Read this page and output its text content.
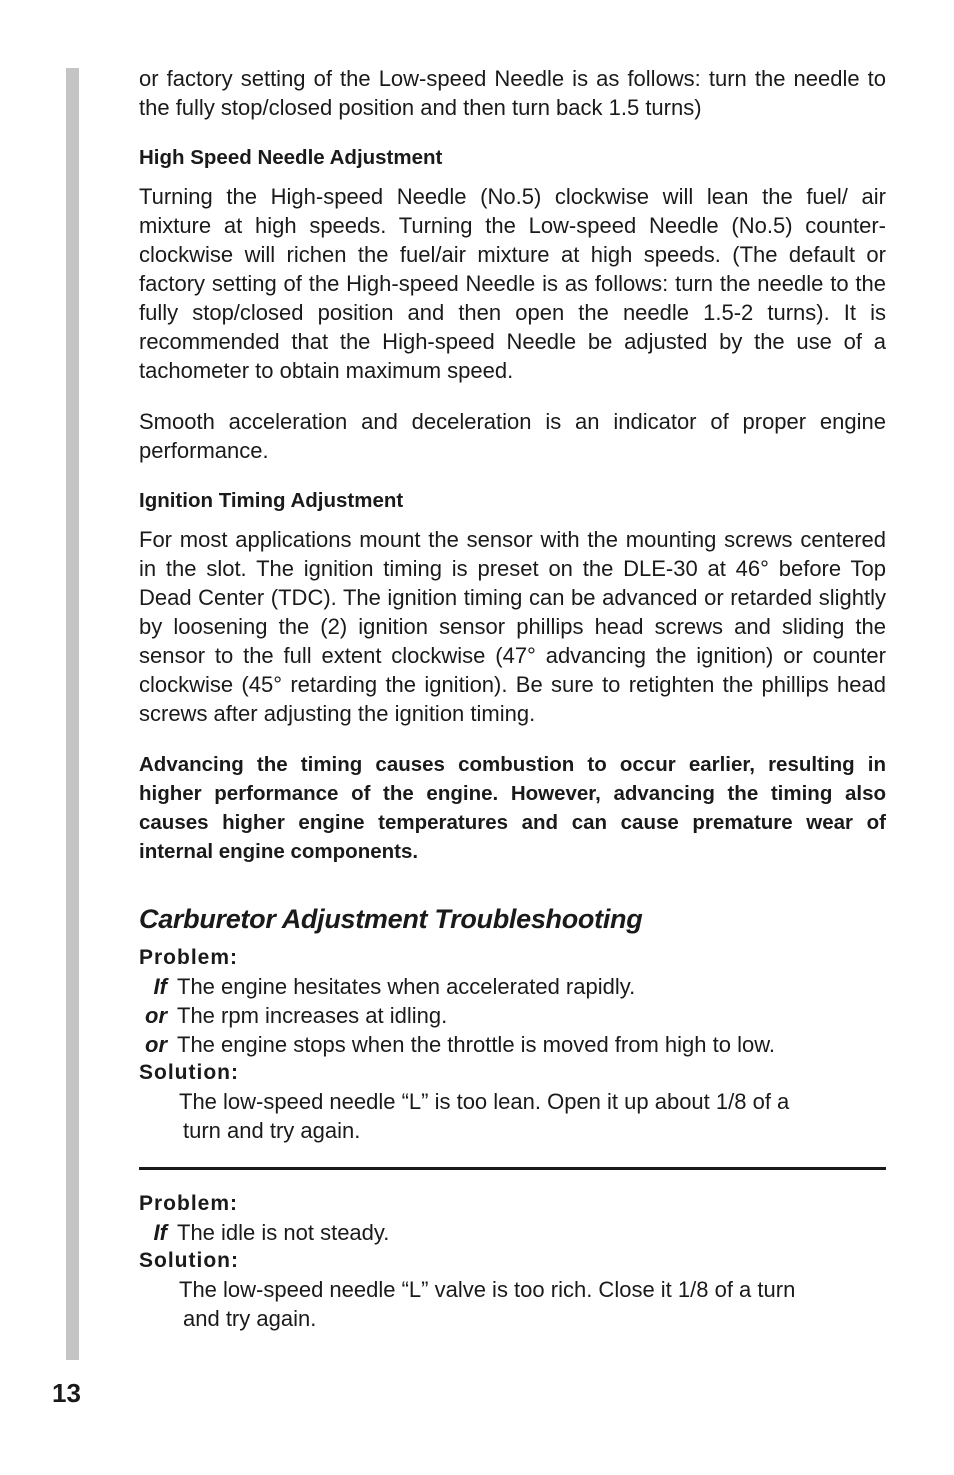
13

or factory setting of the Low-speed Needle is as follows: turn the needle to the fully stop/closed position and then turn back 1.5 turns)

High Speed Needle Adjustment

Turning the High-speed Needle (No.5) clockwise will lean the fuel/ air mixture at high speeds. Turning the Low-speed Needle (No.5) counter-clockwise will richen the fuel/air mixture at high speeds. (The default or factory setting of the High-speed Needle is as follows: turn the needle to the fully stop/closed position and then open the needle 1.5-2 turns). It is recommended that the High-speed Needle be adjusted by the use of a tachometer to obtain maximum speed.

Smooth acceleration and deceleration is an indicator of proper engine performance.

Ignition Timing Adjustment

For most applications mount the sensor with the mounting screws centered in the slot. The ignition timing is preset on the DLE-30 at 46° before Top Dead Center (TDC). The ignition timing can be advanced or retarded slightly by loosening the (2) ignition sensor phillips head screws and sliding the sensor to the full extent clockwise (47° advancing the ignition) or counter clockwise (45° retarding the ignition). Be sure to retighten the phillips head screws after adjusting the ignition timing.

Advancing the timing causes combustion to occur earlier, resulting in higher performance of the engine. However, advancing the timing also causes higher engine temperatures and can cause premature wear of internal engine components.

Carburetor Adjustment Troubleshooting
Problem:
If The engine hesitates when accelerated rapidly.
or The rpm increases at idling.
or The engine stops when the throttle is moved from high to low.
Solution:
The low-speed needle “L” is too lean. Open it up about 1/8 of a
turn and try again.
Problem:
If The idle is not steady.
Solution:
The low-speed needle “L” valve is too rich. Close it 1/8 of a turn
and try again.
